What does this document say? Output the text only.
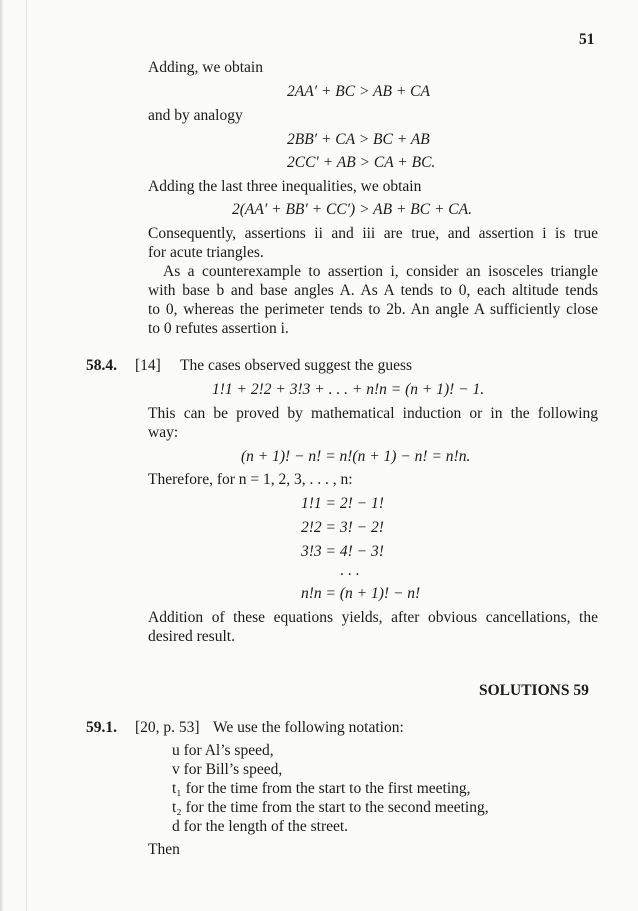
51
Adding, we obtain
2AA′ + BC > AB + CA
and by analogy
2BB′ + CA > BC + AB
2CC′ + AB > CA + BC.
Adding the last three inequalities, we obtain
2(AA′ + BB′ + CC′) > AB + BC + CA.
Consequently, assertions ii and iii are true, and assertion i is true
for acute triangles.
As a counterexample to assertion i, consider an isosceles triangle
with base b and base angles A. As A tends to 0, each altitude tends
to 0, whereas the perimeter tends to 2b. An angle A sufficiently close
to 0 refutes assertion i.
58.4. [14] The cases observed suggest the guess
1!1 + 2!2 + 3!3 + . . . + n!n = (n + 1)! − 1.
This can be proved by mathematical induction or in the following
way:
(n + 1)! − n! = n!(n + 1) − n! = n!n.
Therefore, for n = 1, 2, 3, . . . , n:
1!1 = 2! − 1!
2!2 = 3! − 2!
3!3 = 4! − 3!
. . .
n!n = (n + 1)! − n!
Addition of these equations yields, after obvious cancellations, the
desired result.
SOLUTIONS 59
59.1. [20, p. 53] We use the following notation:
u for Al’s speed,
v for Bill’s speed,
t₁ for the time from the start to the first meeting,
t₂ for the time from the start to the second meeting,
d for the length of the street.
Then
